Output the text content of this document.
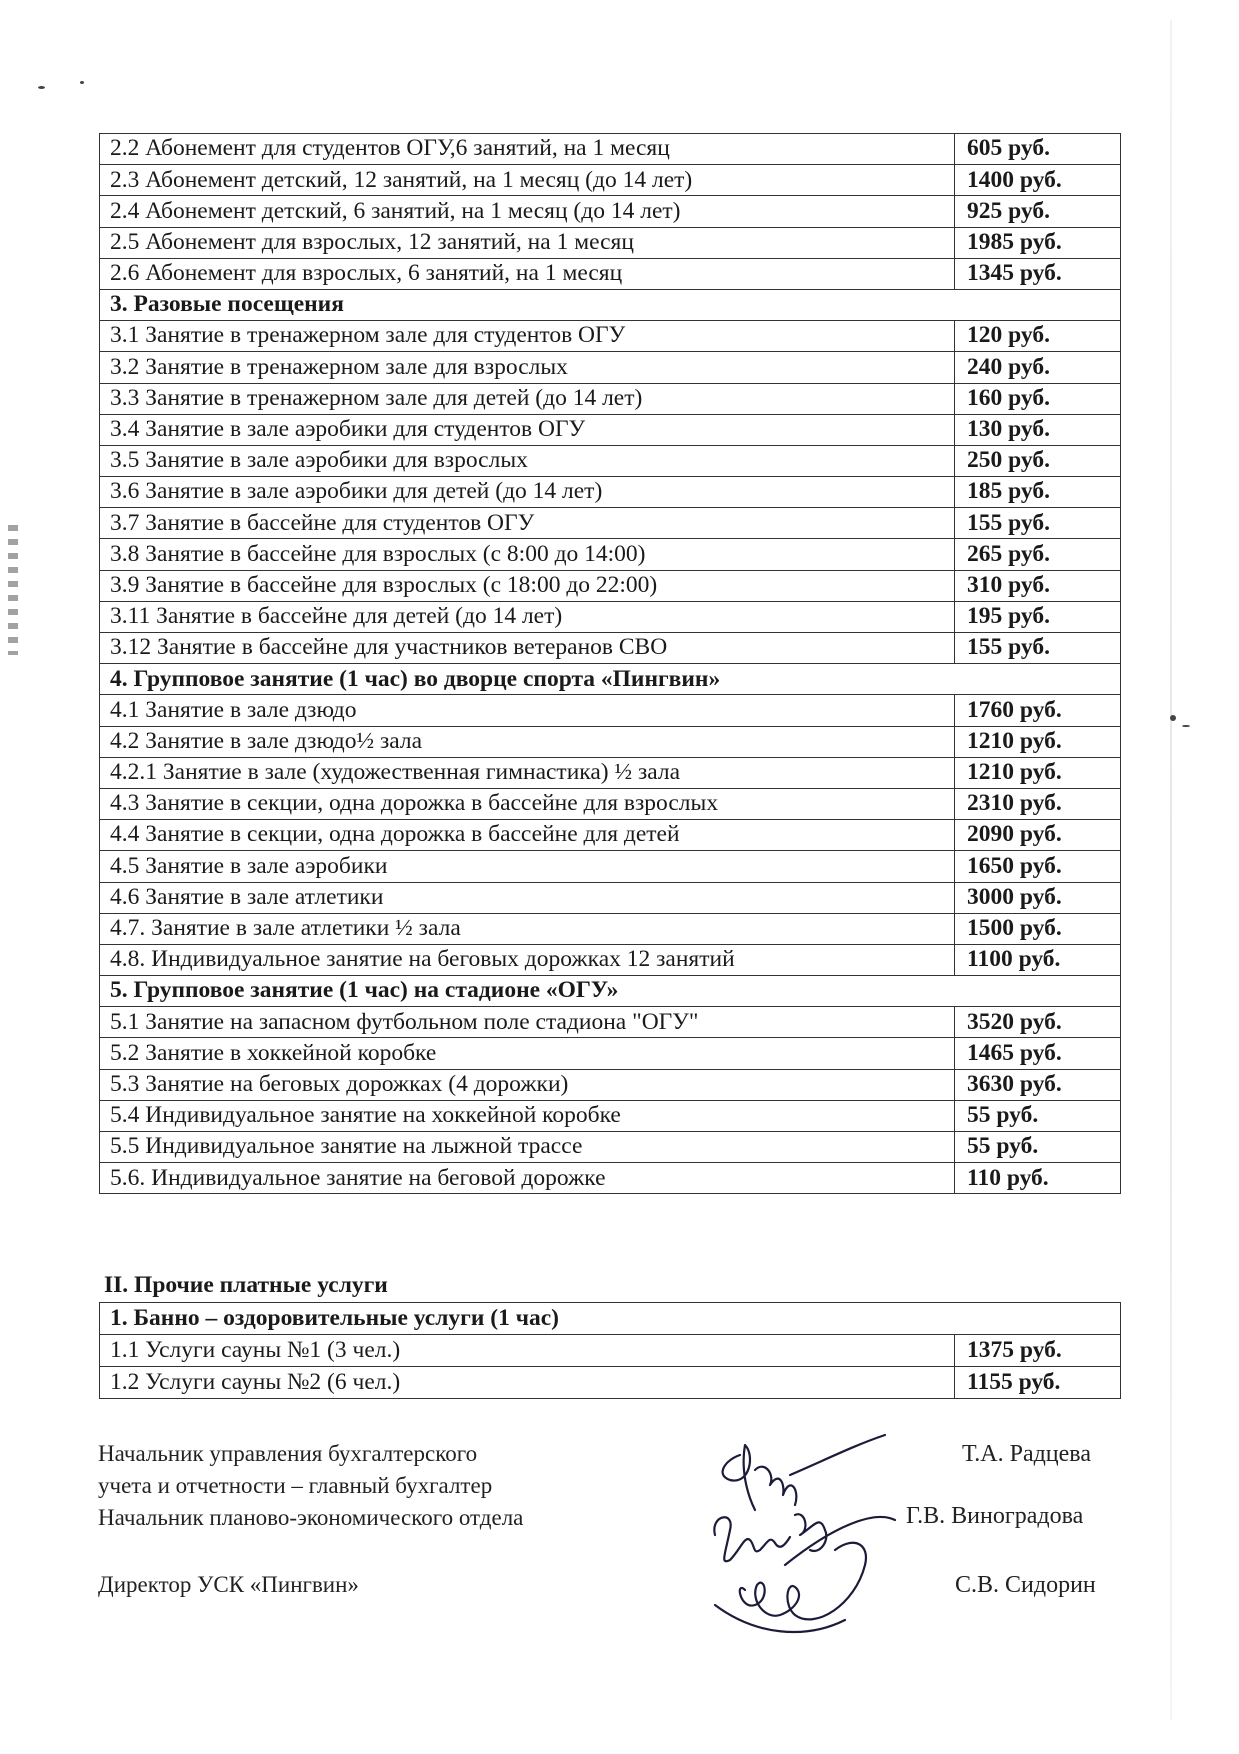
2.2 Абонемент для студентов ОГУ,6 занятий, на 1 месяц	605 руб.
2.3 Абонемент детский, 12 занятий, на 1 месяц (до 14 лет)	1400 руб.
2.4 Абонемент детский, 6 занятий, на 1 месяц (до 14 лет)	925 руб.
2.5 Абонемент для взрослых, 12 занятий, на 1 месяц	1985 руб.
2.6 Абонемент для взрослых, 6 занятий, на 1 месяц	1345 руб.
3. Разовые посещения	
3.1 Занятие в тренажерном зале для студентов ОГУ	120 руб.
3.2 Занятие в тренажерном зале для взрослых	240 руб.
3.3 Занятие в тренажерном зале для детей (до 14 лет)	160 руб.
3.4 Занятие в зале аэробики для студентов ОГУ	130 руб.
3.5 Занятие в зале аэробики для взрослых	250 руб.
3.6 Занятие в зале аэробики для детей (до 14 лет)	185 руб.
3.7 Занятие в бассейне для студентов ОГУ	155 руб.
3.8 Занятие в бассейне для взрослых (с 8:00 до 14:00)	265 руб.
3.9 Занятие в бассейне для взрослых (с 18:00 до 22:00)	310 руб.
3.11 Занятие в бассейне для детей (до 14 лет)	195 руб.
3.12 Занятие в бассейне для участников ветеранов СВО	155 руб.
4. Групповое занятие (1 час) во дворце спорта «Пингвин»	
4.1 Занятие в зале дзюдо	1760 руб.
4.2 Занятие в зале дзюдо½ зала	1210 руб.
4.2.1 Занятие в зале (художественная гимнастика) ½ зала	1210 руб.
4.3 Занятие в секции, одна дорожка в бассейне для взрослых	2310 руб.
4.4 Занятие в секции, одна дорожка в бассейне для детей	2090 руб.
4.5 Занятие в зале аэробики	1650 руб.
4.6 Занятие в зале атлетики	3000 руб.
4.7. Занятие в зале атлетики ½ зала	1500 руб.
4.8. Индивидуальное занятие на беговых дорожках 12 занятий	1100 руб.
5. Групповое занятие (1 час) на стадионе «ОГУ»	
5.1 Занятие на запасном футбольном поле стадиона "ОГУ"	3520 руб.
5.2 Занятие в хоккейной коробке	1465 руб.
5.3 Занятие на беговых дорожках (4 дорожки)	3630 руб.
5.4 Индивидуальное занятие на хоккейной коробке	55 руб.
5.5 Индивидуальное занятие на лыжной трассе	55 руб.
5.6. Индивидуальное занятие на беговой дорожке	110 руб.
II. Прочие платные услуги
1. Банно – оздоровительные услуги (1 час)	
1.1 Услуги сауны №1 (3 чел.)	1375 руб.
1.2 Услуги сауны №2 (6 чел.)	1155 руб.
Начальник управления бухгалтерского
учета и отчетности – главный бухгалтер
Начальник планово-экономического отдела
Директор УСК «Пингвин»
Т.А. Радцева
Г.В. Виноградова
С.В. Сидорин
